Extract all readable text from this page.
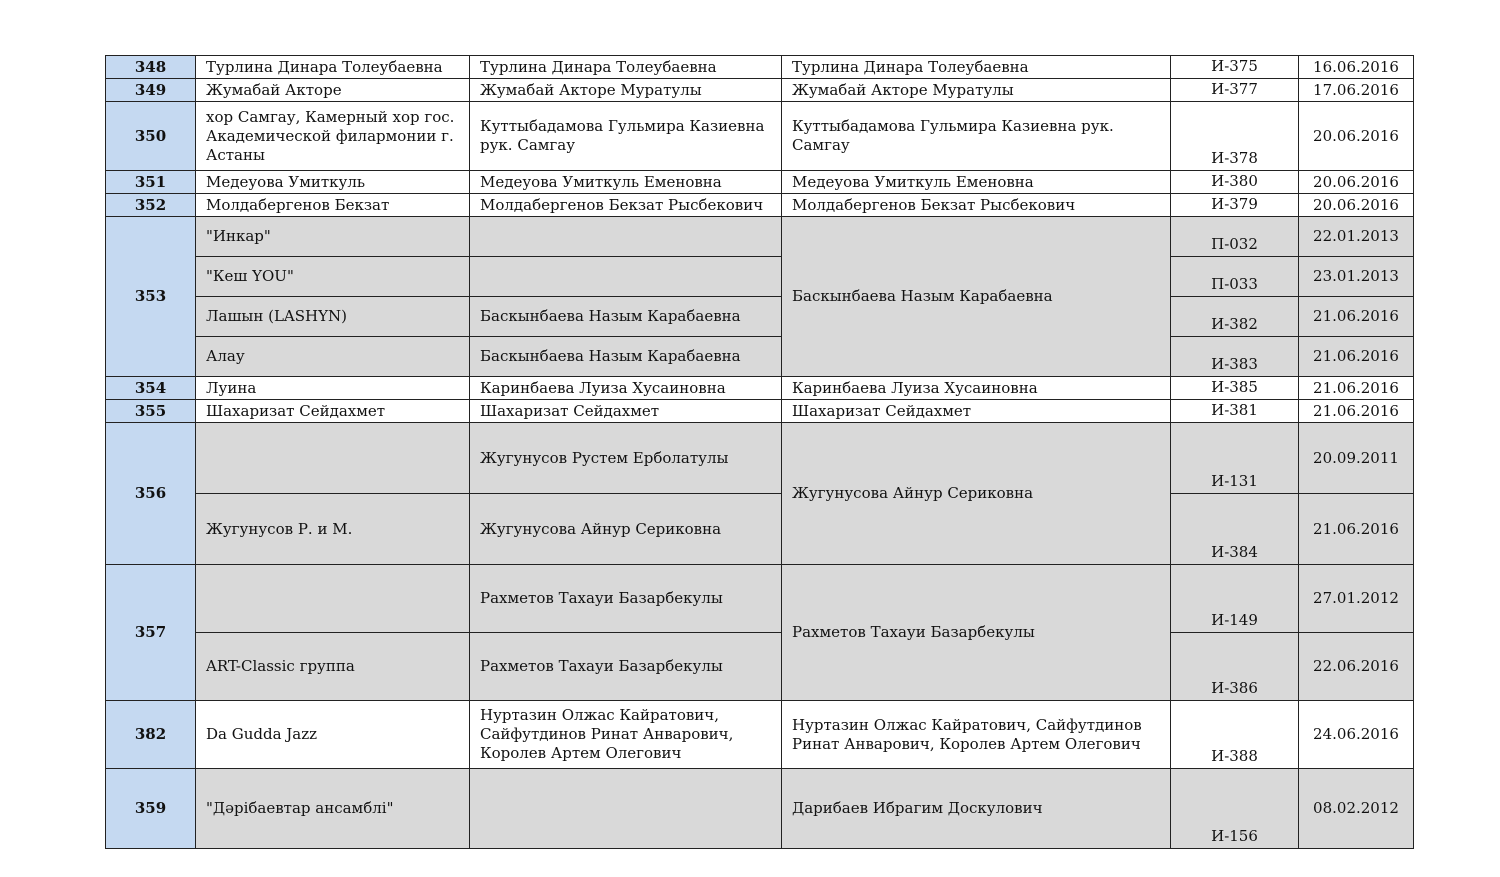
348	Турлина Динара Толеубаевна	Турлина Динара Толеубаевна	Турлина Динара Толеубаевна	И-375	16.06.2016
349	Жумабай Акторе	Жумабай Акторе Муратулы	Жумабай Акторе Муратулы	И-377	17.06.2016
350	хор Самгау, Камерный хор гос. Академической филармонии г. Астаны	Куттыбадамова Гульмира Казиевна рук. Самгау	Куттыбадамова Гульмира Казиевна рук. Самгау	И-378	20.06.2016
351	Медеуова Умиткуль	Медеуова Умиткуль Еменовна	Медеуова Умиткуль Еменовна	И-380	20.06.2016
352	Молдабергенов Бекзат	Молдабергенов Бекзат Рысбекович	Молдабергенов Бекзат Рысбекович	И-379	20.06.2016
353	"Инкар"		Баскынбаева Назым Карабаевна	П-032	22.01.2013
	"Кеш YOU"			П-033	23.01.2013
	Лашын (LASHYN)	Баскынбаева Назым Карабаевна		И-382	21.06.2016
	Алау	Баскынбаева Назым Карабаевна		И-383	21.06.2016
354	Луина	Каринбаева Луиза Хусаиновна	Каринбаева Луиза Хусаиновна	И-385	21.06.2016
355	Шахаризат Сейдахмет	Шахаризат Сейдахмет	Шахаризат Сейдахмет	И-381	21.06.2016
356		Жугунусов Рустем Ерболатулы	Жугунусова Айнур Сериковна	И-131	20.09.2011
	Жугунусов Р. и М.	Жугунусова Айнур Сериковна		И-384	21.06.2016
357		Рахметов Тахауи Базарбекулы	Рахметов Тахауи Базарбекулы	И-149	27.01.2012
	ART-Classic группа	Рахметов Тахауи Базарбекулы		И-386	22.06.2016
382	Da Gudda Jazz	Нуртазин Олжас Кайратович, Сайфутдинов Ринат Анварович, Королев Артем Олегович	Нуртазин Олжас Кайратович, Сайфутдинов Ринат Анварович, Королев Артем Олегович	И-388	24.06.2016
359	"Дәрібаевтар ансамблі"		Дарибаев Ибрагим Доскулович	И-156	08.02.2012
